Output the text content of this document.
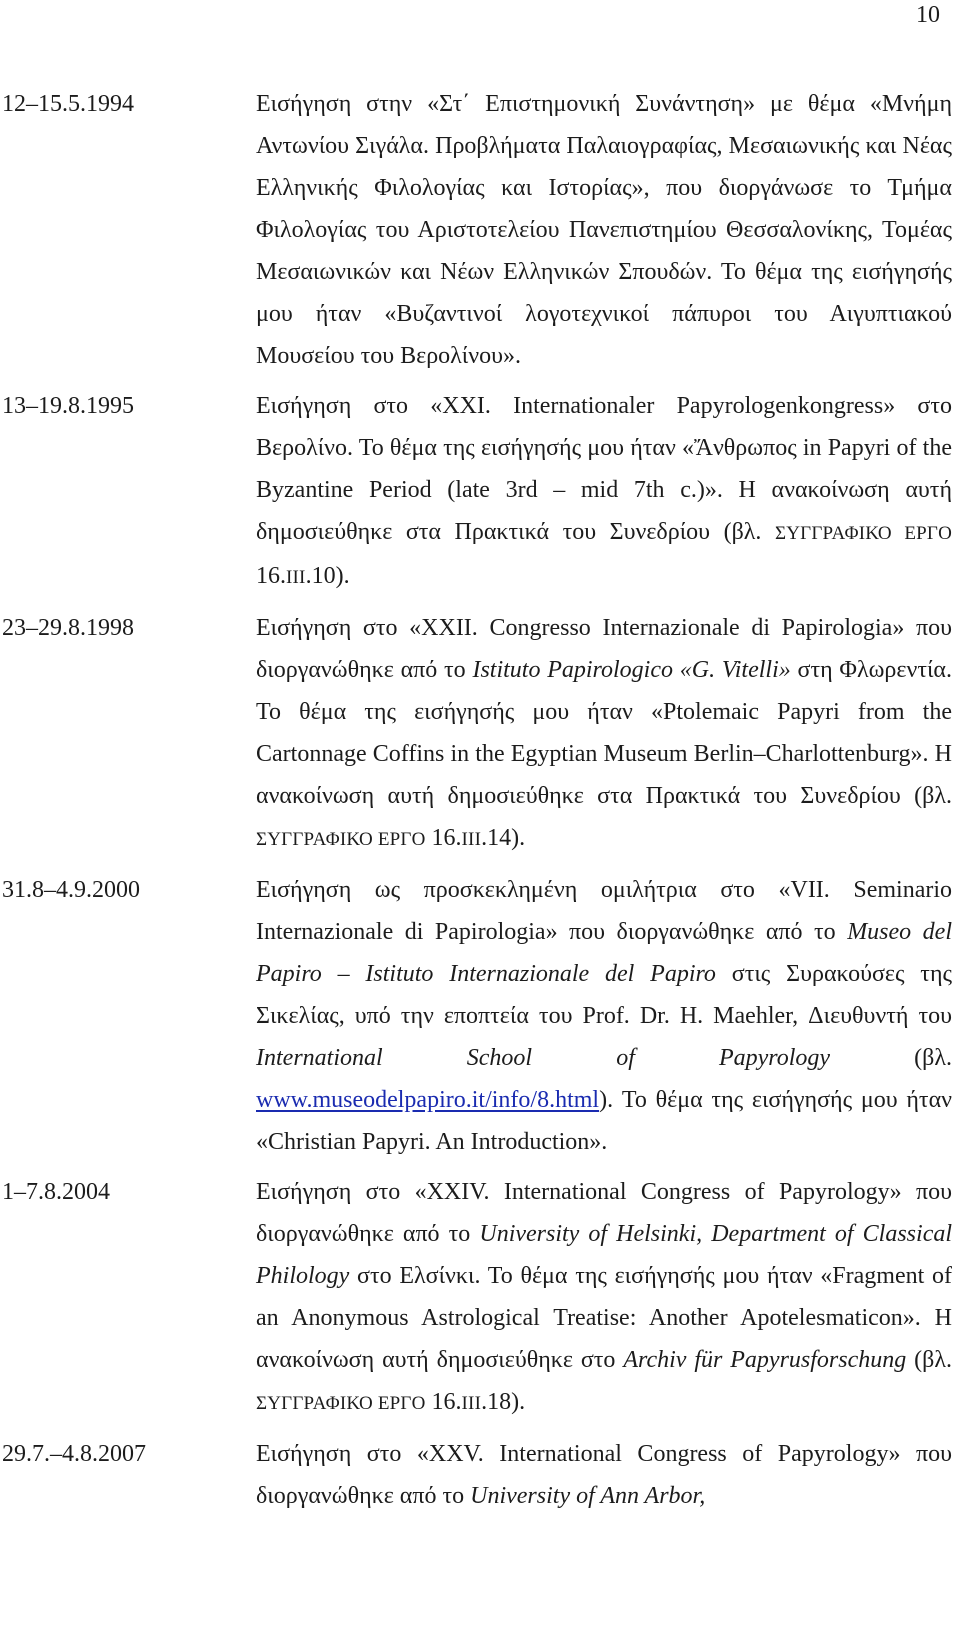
10
12–15.5.1994	Εισήγηση στην «Στ΄ Επιστημονική Συνάντηση» με θέμα «Μνήμη Αντωνίου Σιγάλα. Προβλήματα Παλαιογραφίας, Μεσαιωνικής και Νέας Ελληνικής Φιλολογίας και Ιστορίας», που διοργάνωσε το Τμήμα Φιλολογίας του Αριστοτελείου Πανεπιστημίου Θεσσαλονίκης, Τομέας Μεσαιωνικών και Νέων Ελληνικών Σπουδών. Το θέμα της εισήγησής μου ήταν «Βυζαντινοί λογοτεχνικοί πάπυροι του Αιγυπτιακού Μουσείου του Βερολίνου».
13–19.8.1995	Εισήγηση στο «XXI. Internationaler Papyrologenkongress» στο Βερολίνο. Το θέμα της εισήγησής μου ήταν «Ἄνθρωπος in Papyri of the Byzantine Period (late 3rd – mid 7th c.)». Η ανακοίνωση αυτή δημοσιεύθηκε στα Πρακτικά του Συνεδρίου (βλ. ΣΥΓΓΡΑΦΙΚΟ ΕΡΓΟ 16.III.10).
23–29.8.1998	Εισήγηση στο «XXII. Congresso Internazionale di Papirologia» που διοργανώθηκε από το Istituto Papirologico «G. Vitelli» στη Φλωρεντία. Το θέμα της εισήγησής μου ήταν «Ptolemaic Papyri from the Cartonnage Coffins in the Egyptian Museum Berlin–Charlottenburg». Η ανακοίνωση αυτή δημοσιεύθηκε στα Πρακτικά του Συνεδρίου (βλ. ΣΥΓΓΡΑΦΙΚΟ ΕΡΓΟ 16.III.14).
31.8–4.9.2000	Εισήγηση ως προσκεκλημένη ομιλήτρια στο «VII. Seminario Internazionale di Papirologia» που διοργανώθηκε από το Museo del Papiro – Istituto Internazionale del Papiro στις Συρακούσες της Σικελίας, υπό την εποπτεία του Prof. Dr. H. Maehler, Διευθυντή του International School of Papyrology (βλ. www.museodelpapiro.it/info/8.html). Το θέμα της εισήγησής μου ήταν «Christian Papyri. An Introduction».
1–7.8.2004	Εισήγηση στο «XXIV. International Congress of Papyrology» που διοργανώθηκε από το University of Helsinki, Department of Classical Philology στο Ελσίνκι. Το θέμα της εισήγησής μου ήταν «Fragment of an Anonymous Astrological Treatise: Another Apotelesmaticon». Η ανακοίνωση αυτή δημοσιεύθηκε στο Archiv für Papyrusforschung (βλ. ΣΥΓΓΡΑΦΙΚΟ ΕΡΓΟ 16.III.18).
29.7.–4.8.2007	Εισήγηση στο «XXV. International Congress of Papyrology» που διοργανώθηκε από το University of Ann Arbor,
